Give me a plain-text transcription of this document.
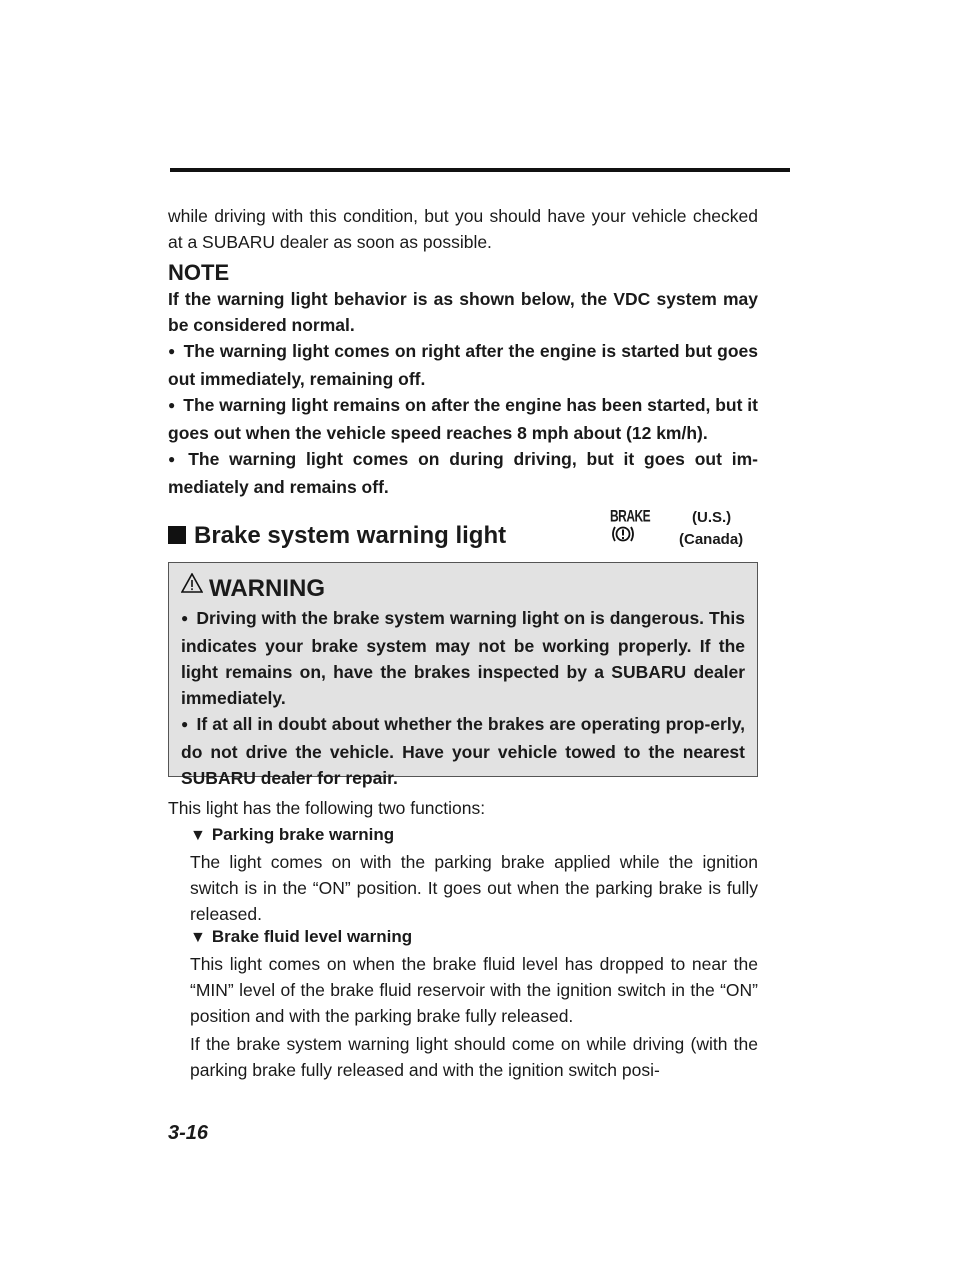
while driving with this condition, but you should have your vehicle checked at a SUBARU dealer as soon as possible.

NOTE

If the warning light behavior is as shown below, the VDC system may be considered normal.

● The warning light comes on right after the engine is started but goes out immediately, remaining off.

● The warning light remains on after the engine has been started, but it goes out when the vehicle speed reaches 8 mph about (12 km/h).

● The warning light comes on during driving, but it goes out im-mediately and remains off.

Brake system warning light
BRAKE	(U.S.)
(Canada)
WARNING

● Driving with the brake system warning light on is dangerous. This indicates your brake system may not be working properly. If the light remains on, have the brakes inspected by a SUBARU dealer immediately.

● If at all in doubt about whether the brakes are operating prop-erly, do not drive the vehicle. Have your vehicle towed to the nearest SUBARU dealer for repair.

This light has the following two functions:

▼ Parking brake warning

The light comes on with the parking brake applied while the ignition switch is in the “ON” position. It goes out when the parking brake is fully released.

▼ Brake fluid level warning

This light comes on when the brake fluid level has dropped to near the “MIN” level of the brake fluid reservoir with the ignition switch in the “ON” position and with the parking brake fully released.

If the brake system warning light should come on while driving (with the parking brake fully released and with the ignition switch posi-

3-16
